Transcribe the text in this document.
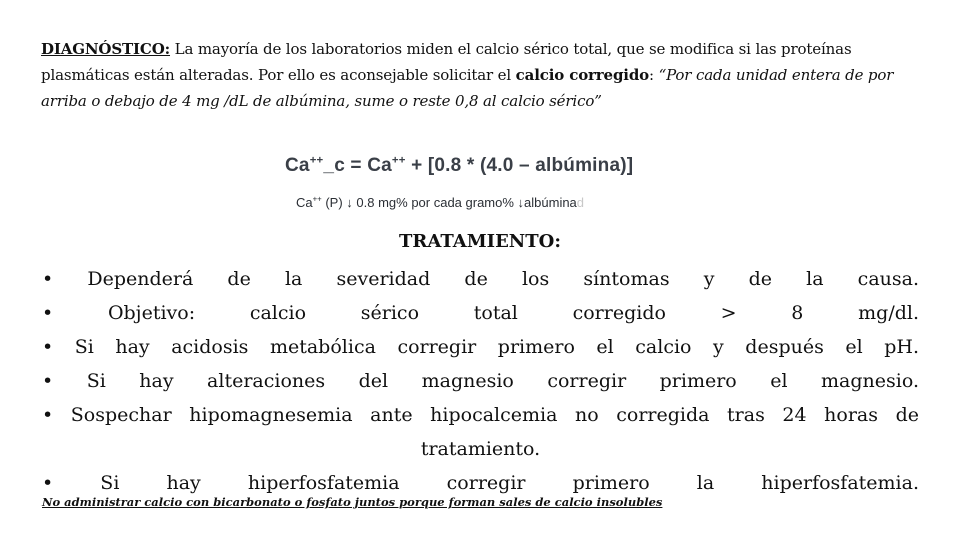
DIAGNÓSTICO: La mayoría de los laboratorios miden el calcio sérico total, que se modifica si las proteínas plasmáticas están alteradas. Por ello es aconsejable solicitar el calcio corregido: “Por cada unidad entera de por arriba o debajo de 4 mg /dL de albúmina, sume o reste 0,8 al calcio sérico”
Ca++_c = Ca++ + [0.8 * (4.0 – albúmina)]
Ca++ (P) ↓ 0.8 mg% por cada gramo% ↓albúminad
TRATAMIENTO:
• Dependerá de la severidad de los síntomas y de la causa.
• Objetivo: calcio sérico total corregido > 8 mg/dl.
• Si hay acidosis metabólica corregir primero el calcio y después el pH.
• Si hay alteraciones del magnesio corregir primero el magnesio.
• Sospechar hipomagnesemia ante hipocalcemia no corregida tras 24 horas de
tratamiento.
• Si hay hiperfosfatemia corregir primero la hiperfosfatemia.
No administrar calcio con bicarbonato o fosfato juntos porque forman sales de calcio insolubles
